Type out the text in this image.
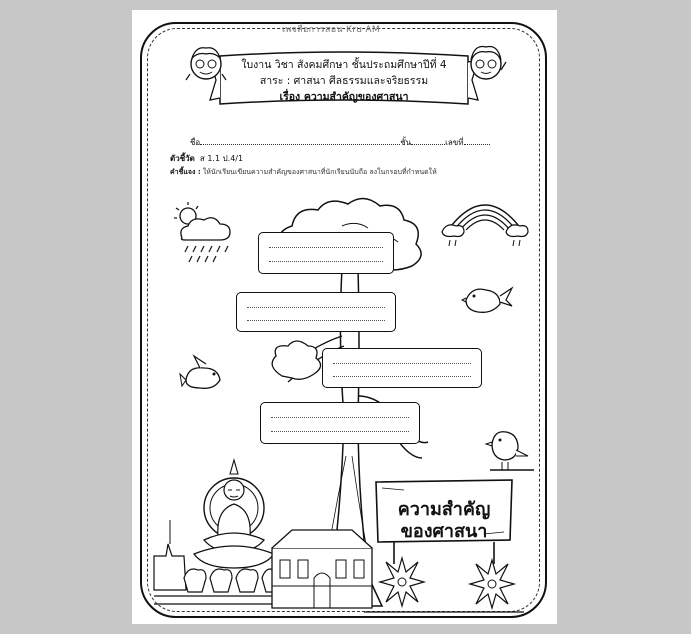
เพจสื่อการสอน Kru AM
ใบงาน วิชา สังคมศึกษา ชั้นประถมศึกษาปีที่ 4
สาระ : ศาสนา ศีลธรรมและจริยธรรม
เรื่อง ความสำคัญของศาสนา
ชื่อ	ชั้น	เลขที่
ตัวชี้วัด ส 1.1 ป.4/1
คำชี้แจง : ให้นักเรียนเขียนความสำคัญของศาสนาที่นักเรียนนับถือ ลงในกรอบที่กำหนดให้
ความสำคัญ
ของศาสนา
